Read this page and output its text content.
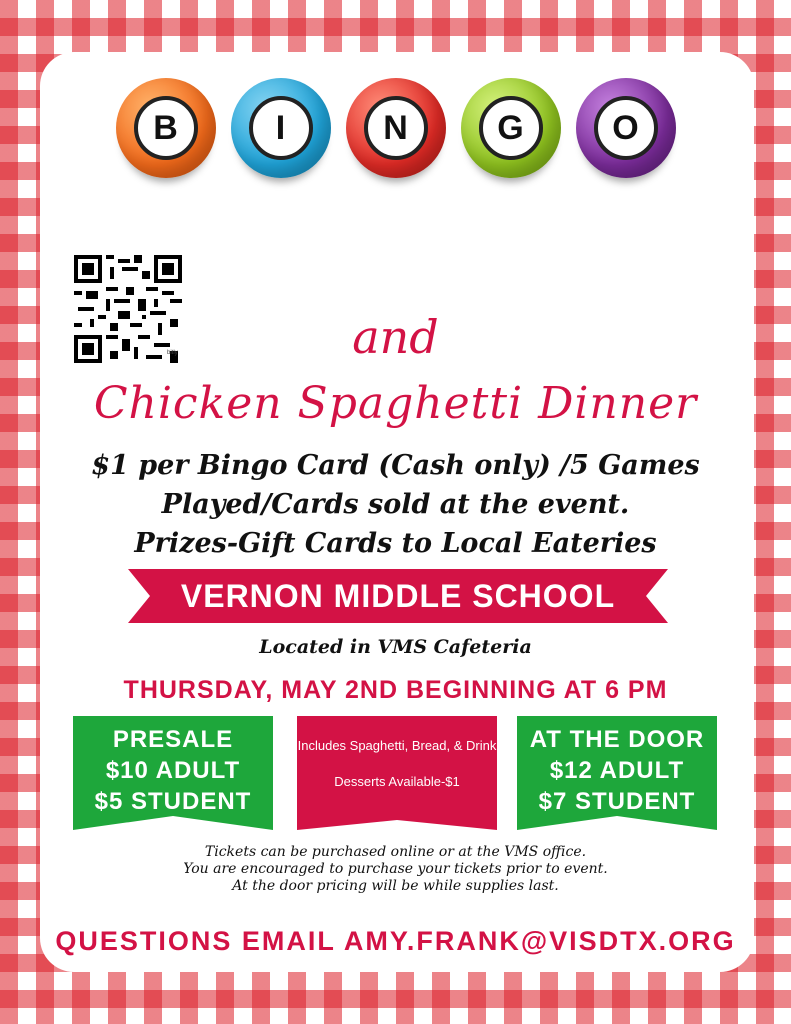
B	I	N	G	O
bitly	and
Chicken Spaghetti Dinner
$1 per Bingo Card (Cash only) /5 Games
Played/Cards sold at the event.
Prizes-Gift Cards to Local Eateries
VERNON MIDDLE SCHOOL
Located in VMS Cafeteria
THURSDAY, MAY 2ND BEGINNING AT 6 PM
PRESALE
$10 ADULT
$5 STUDENT
Includes Spaghetti, Bread, & Drink
Desserts Available-$1
AT THE DOOR
$12 ADULT
$7 STUDENT
Tickets can be purchased online or at the VMS office.
You are encouraged to purchase your tickets prior to event.
At the door pricing will be while supplies last.
QUESTIONS EMAIL AMY.FRANK@VISDTX.ORG
